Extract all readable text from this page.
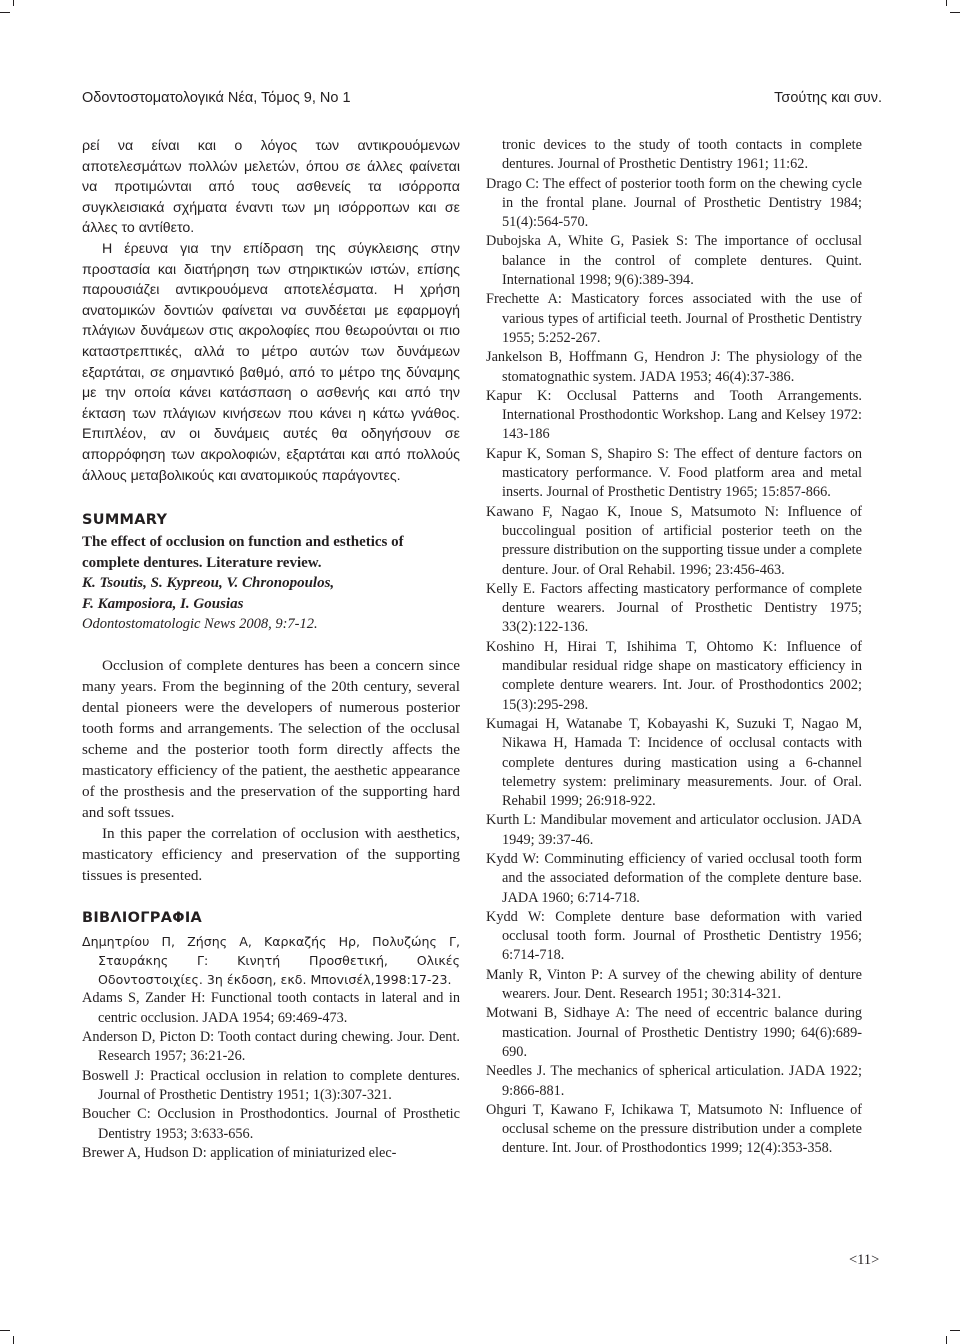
Οδοντοστοματολογικά Νέα, Τόμος 9, Νο 1	Τσούτης και συν.

ρεί να είναι και ο λόγος των αντικρουόμενων αποτελεσμάτων πολλών μελετών, όπου σε άλλες φαίνεται να προτιμώνται από τους ασθενείς τα ισόρροπα συγκλεισιακά σχήματα έναντι των μη ισόρροπων και σε άλλες το αντίθετο.

Η έρευνα για την επίδραση της σύγκλεισης στην προστασία και διατήρηση των στηρικτικών ιστών, επίσης παρουσιάζει αντικρουόμενα αποτελέσματα. Η χρήση ανατομικών δοντιών φαίνεται να συνδέεται με εφαρμογή πλάγιων δυνάμεων στις ακρολοφίες που θεωρούνται οι πιο καταστρεπτικές, αλλά το μέτρο αυτών των δυνάμεων εξαρτάται, σε σημαντικό βαθμό, από το μέτρο της δύναμης με την οποία κάνει κατάσπαση ο ασθενής και από την έκταση των πλάγιων κινήσεων που κάνει η κάτω γνάθος. Επιπλέον, αν οι δυνάμεις αυτές θα οδηγήσουν σε απορρόφηση των ακρολοφιών, εξαρτάται και από πολλούς άλλους μεταβολικούς και ανατομικούς παράγοντες.

SUMMARY
The effect of occlusion on function and esthetics of complete dentures. Literature review.
K. Tsoutis, S. Kypreou, V. Chronopoulos,
F. Kamposiora, I. Gousias
Odontostomatologic News 2008, 9:7-12.

Occlusion of complete dentures has been a concern since many years. From the beginning of the 20th century, several dental pioneers were the developers of numerous posterior tooth forms and arrangements. The selection of the occlusal scheme and the posterior tooth form directly affects the masticatory efficiency of the patient, the aesthetic appearance of the prosthesis and the preservation of the supporting hard and soft tssues.

In this paper the correlation of occlusion with aesthetics, masticatory efficiency and preservation of the supporting tissues is presented.

ΒΙΒΛΙΟΓΡΑΦΙΑ

Δημητρίου Π, Ζήσης Α, Καρκαζής Ηρ, Πολυζώης Γ, Σταυράκης Γ: Κινητή Προσθετική, Ολικές Οδοντοστοιχίες. 3η έκδοση, εκδ. Μποvισέλ,1998:17-23.

Adams S, Zander H: Functional tooth contacts in lateral and in centric occlusion. JADA 1954; 69:469-473.

Anderson D, Picton D: Tooth contact during chewing. Jour. Dent. Research 1957; 36:21-26.

Boswell J: Practical occlusion in relation to complete dentures. Journal of Prosthetic Dentistry 1951; 1(3):307-321.

Boucher C: Occlusion in Prosthodontics. Journal of Prosthetic Dentistry 1953; 3:633-656.

Brewer A, Hudson D: application of miniaturized elec-

tronic devices to the study of tooth contacts in complete dentures. Journal of Prosthetic Dentistry 1961; 11:62.

Drago C: The effect of posterior tooth form on the chewing cycle in the frontal plane. Journal of Prosthetic Dentistry 1984; 51(4):564-570.

Dubojska A, White G, Pasiek S: The importance of occlusal balance in the control of complete dentures. Quint. International 1998; 9(6):389-394.

Frechette A: Masticatory forces associated with the use of various types of artificial teeth. Journal of Prosthetic Dentistry 1955; 5:252-267.

Jankelson B, Hoffmann G, Hendron J: The physiology of the stomatognathic system. JADA 1953; 46(4):37-386.

Kapur K: Occlusal Patterns and Tooth Arrangements. International Prosthodontic Workshop. Lang and Kelsey 1972: 143-186

Kapur K, Soman S, Shapiro S: The effect of denture factors on masticatory performance. V. Food platform area and metal inserts. Journal of Prosthetic Dentistry 1965; 15:857-866.

Kawano F, Nagao K, Inoue S, Matsumoto N: Influence of buccolingual position of artificial posterior teeth on the pressure distribution on the supporting tissue under a complete denture. Jour. of Oral Rehabil. 1996; 23:456-463.

Kelly E. Factors affecting masticatory performance of complete denture wearers. Journal of Prosthetic Dentistry 1975; 33(2):122-136.

Koshino H, Hirai T, Ishihima T, Ohtomo K: Influence of mandibular residual ridge shape on masticatory efficiency in complete denture wearers. Int. Jour. of Prosthodontics 2002; 15(3):295-298.

Kumagai H, Watanabe T, Kobayashi K, Suzuki T, Nagao M, Nikawa H, Hamada T: Incidence of occlusal contacts with complete dentures during mastication using a 6-channel telemetry system: preliminary measurements. Jour. of Oral. Rehabil 1999; 26:918-922.

Kurth L: Mandibular movement and articulator occlusion. JADA 1949; 39:37-46.

Kydd W: Comminuting efficiency of varied occlusal tooth form and the associated deformation of the complete denture base. JADA 1960; 6:714-718.

Kydd W: Complete denture base deformation with varied occlusal tooth form. Journal of Prosthetic Dentistry 1956; 6:714-718.

Manly R, Vinton P: A survey of the chewing ability of denture wearers. Jour. Dent. Research 1951; 30:314-321.

Motwani B, Sidhaye A: The need of eccentric balance during mastication. Journal of Prosthetic Dentistry 1990; 64(6):689-690.

Needles J. The mechanics of spherical articulation. JADA 1922; 9:866-881.

Ohguri T, Kawano F, Ichikawa T, Matsumoto N: Influence of occlusal scheme on the pressure distribution under a complete denture. Int. Jour. of Prosthodontics 1999; 12(4):353-358.

<11>
